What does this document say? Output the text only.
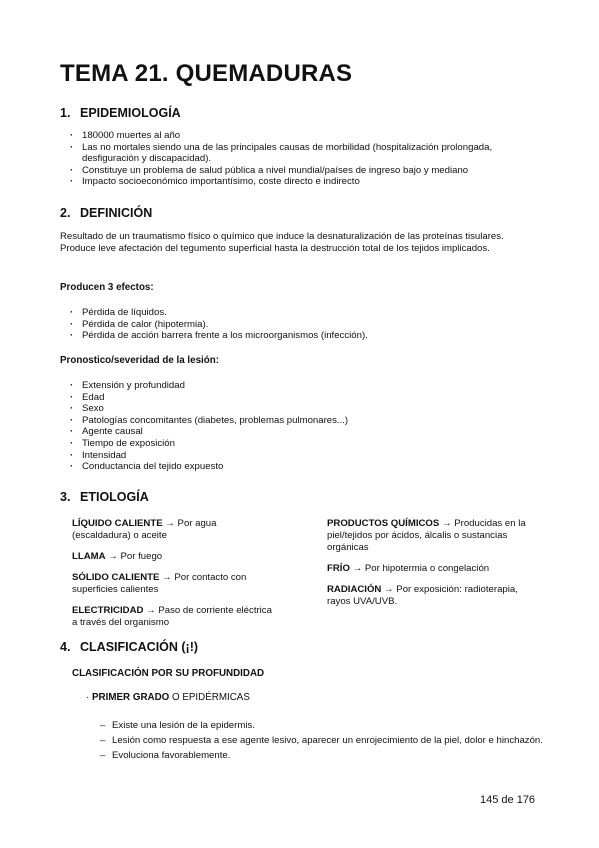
TEMA 21. QUEMADURAS
1. EPIDEMIOLOGÍA
· 180000 muertes al año
· Las no mortales siendo una de las principales causas de morbilidad (hospitalización prolongada, desfiguración y discapacidad).
· Constituye un problema de salud pública a nivel mundial/países de ingreso bajo y mediano
· Impacto socioeconómico importantísimo, coste directo e indirecto
2. DEFINICIÓN

Resultado de un traumatismo físico o químico que induce la desnaturalización de las proteínas tisulares. Produce leve afectación del tegumento superficial hasta la destrucción total de los tejidos implicados.

Producen 3 efectos:

· Pérdida de líquidos.
· Pérdida de calor (hipotermia).
· Pérdida de acción barrera frente a los microorganismos (infección).

Pronostico/severidad de la lesión:

· Extensión y profundidad
· Edad
· Sexo
· Patologías concomitantes (diabetes, problemas pulmonares...)
· Agente causal
· Tiempo de exposición
· Intensidad
· Conductancia del tejido expuesto
3. ETIOLOGÍA

LÍQUIDO CALIENTE → Por agua (escaldadura) o aceite

LLAMA → Por fuego

SÓLIDO CALIENTE → Por contacto con superficies calientes

ELECTRICIDAD → Paso de corriente eléctrica a través del organismo

PRODUCTOS QUÍMICOS → Producidas en la piel/tejidos por ácidos, álcalis o sustancias orgánicas

FRÍO → Por hipotermia o congelación

RADIACIÓN → Por exposición: radioterapia, rayos UVA/UVB.

4. CLASIFICACIÓN (¡!)

CLASIFICACIÓN POR SU PROFUNDIDAD

· PRIMER GRADO O EPIDÉRMICAS
– Existe una lesión de la epidermis.
– Lesión como respuesta a ese agente lesivo, aparecer un enrojecimiento de la piel, dolor e hinchazón.
– Evoluciona favorablemente.
145 de 176
